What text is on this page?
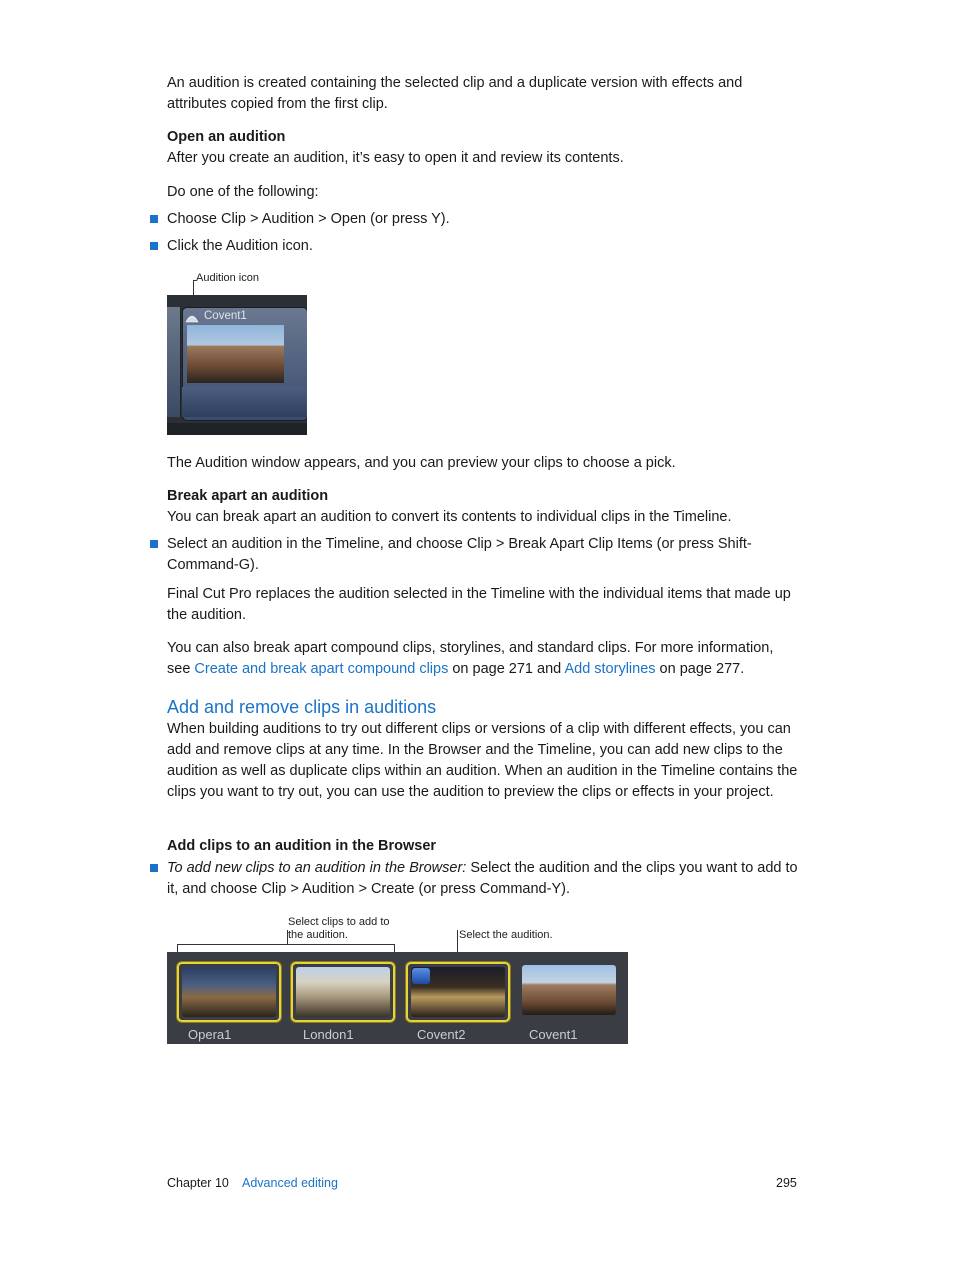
An audition is created containing the selected clip and a duplicate version with effects and attributes copied from the first clip.

Open an audition

After you create an audition, it’s easy to open it and review its contents.

Do one of the following:

Choose Clip > Audition > Open (or press Y).
Click the Audition icon.
Audition icon
Covent1

The Audition window appears, and you can preview your clips to choose a pick.

Break apart an audition

You can break apart an audition to convert its contents to individual clips in the Timeline.

Select an audition in the Timeline, and choose Clip > Break Apart Clip Items (or press Shift-Command-G).

Final Cut Pro replaces the audition selected in the Timeline with the individual items that made up the audition.

You can also break apart compound clips, storylines, and standard clips. For more information, see Create and break apart compound clips on page 271 and Add storylines on page 277.

Add and remove clips in auditions

When building auditions to try out different clips or versions of a clip with different effects, you can add and remove clips at any time. In the Browser and the Timeline, you can add new clips to the audition as well as duplicate clips within an audition. When an audition in the Timeline contains the clips you want to try out, you can use the audition to preview the clips or effects in your project.

Add clips to an audition in the Browser
To add new clips to an audition in the Browser: Select the audition and the clips you want to add to it, and choose Clip > Audition > Create (or press Command-Y).
Select clips to add to the audition.	Select the audition.
Opera1	London1	Covent2	Covent1
Chapter 10 Advanced editing	295
